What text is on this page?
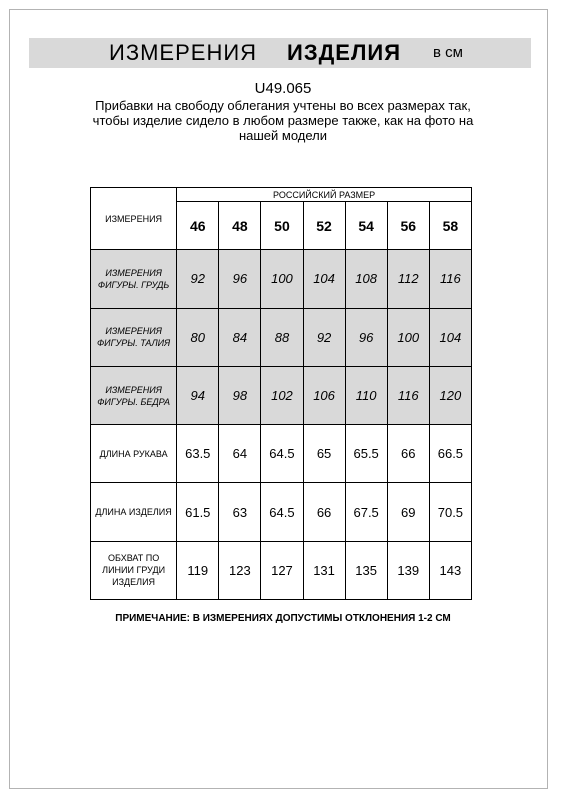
ИЗМЕРЕНИЯ ИЗДЕЛИЯ в см
U49.065
Прибавки на свободу облегания учтены во всех размерах так,
чтобы изделие сидело в любом размере также, как на фото на
нашей модели
ИЗМЕРЕНИЯ	РОССИЙСКИЙ РАЗМЕР						
	46	48	50	52	54	56	58

ИЗМЕРЕНИЯ
ФИГУРЫ. ГРУДЬ	92	96	100	104	108	112	116

ИЗМЕРЕНИЯ
ФИГУРЫ. ТАЛИЯ	80	84	88	92	96	100	104

ИЗМЕРЕНИЯ
ФИГУРЫ. БЕДРА	94	98	102	106	110	116	120

ДЛИНА РУКАВА	63.5	64	64.5	65	65.5	66	66.5

ДЛИНА ИЗДЕЛИЯ	61.5	63	64.5	66	67.5	69	70.5

ОБХВАТ ПО
ЛИНИИ ГРУДИ
ИЗДЕЛИЯ	119	123	127	131	135	139	143
ПРИМЕЧАНИЕ: В ИЗМЕРЕНИЯХ ДОПУСТИМЫ ОТКЛОНЕНИЯ 1-2 СМ
